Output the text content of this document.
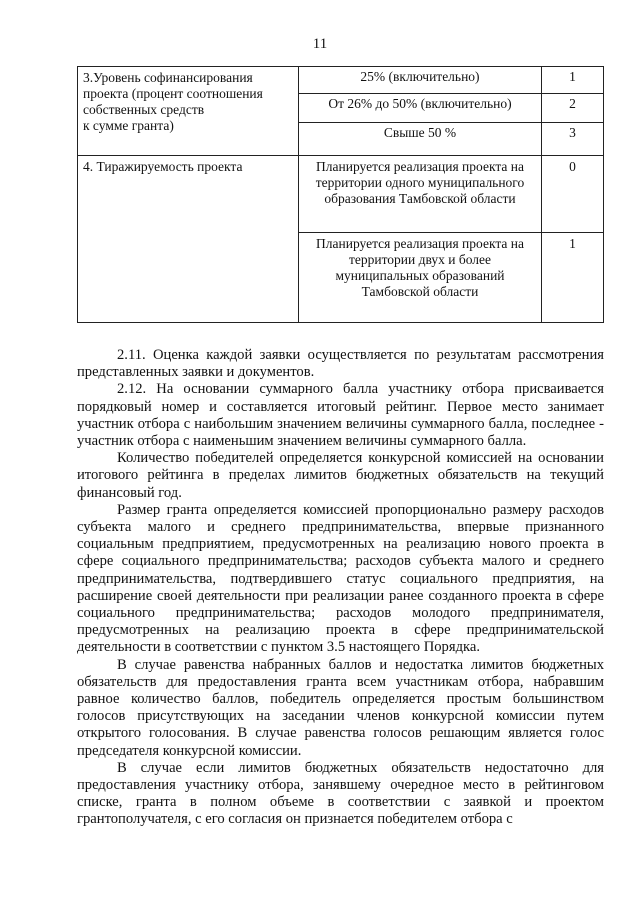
11
3.Уровень софинансирования проекта (процент соотношения собственных средств
к сумме гранта)	25% (включительно)	1
	От 26% до 50% (включительно)	2
	Свыше 50 %	3
4. Тиражируемость проекта	Планируется реализация проекта на территории одного муниципального образования Тамбовской области	0
	Планируется реализация проекта на территории двух и более муниципальных образований Тамбовской области	1

2.11. Оценка каждой заявки осуществляется по результатам рассмотрения представленных заявки и документов.

2.12. На основании суммарного балла участнику отбора присваивается порядковый номер и составляется итоговый рейтинг. Первое место занимает участник отбора с наибольшим значением величины суммарного балла, последнее - участник отбора с наименьшим значением величины суммарного балла.

Количество победителей определяется конкурсной комиссией на основании итогового рейтинга в пределах лимитов бюджетных обязательств на текущий финансовый год.

Размер гранта определяется комиссией пропорционально размеру расходов субъекта малого и среднего предпринимательства, впервые признанного социальным предприятием, предусмотренных на реализацию нового проекта в сфере социального предпринимательства; расходов субъекта малого и среднего предпринимательства, подтвердившего статус социального предприятия, на расширение своей деятельности при реализации ранее созданного проекта в сфере социального предпринимательства; расходов молодого предпринимателя, предусмотренных на реализацию проекта в сфере предпринимательской деятельности в соответствии с пунктом 3.5 настоящего Порядка.

В случае равенства набранных баллов и недостатка лимитов бюджетных обязательств для предоставления гранта всем участникам отбора, набравшим равное количество баллов, победитель определяется простым большинством голосов присутствующих на заседании членов конкурсной комиссии путем открытого голосования. В случае равенства голосов решающим является голос председателя конкурсной комиссии.

В случае если лимитов бюджетных обязательств недостаточно для предоставления участнику отбора, занявшему очередное место в рейтинговом списке, гранта в полном объеме в соответствии с заявкой и проектом грантополучателя, с его согласия он признается победителем отбора с
